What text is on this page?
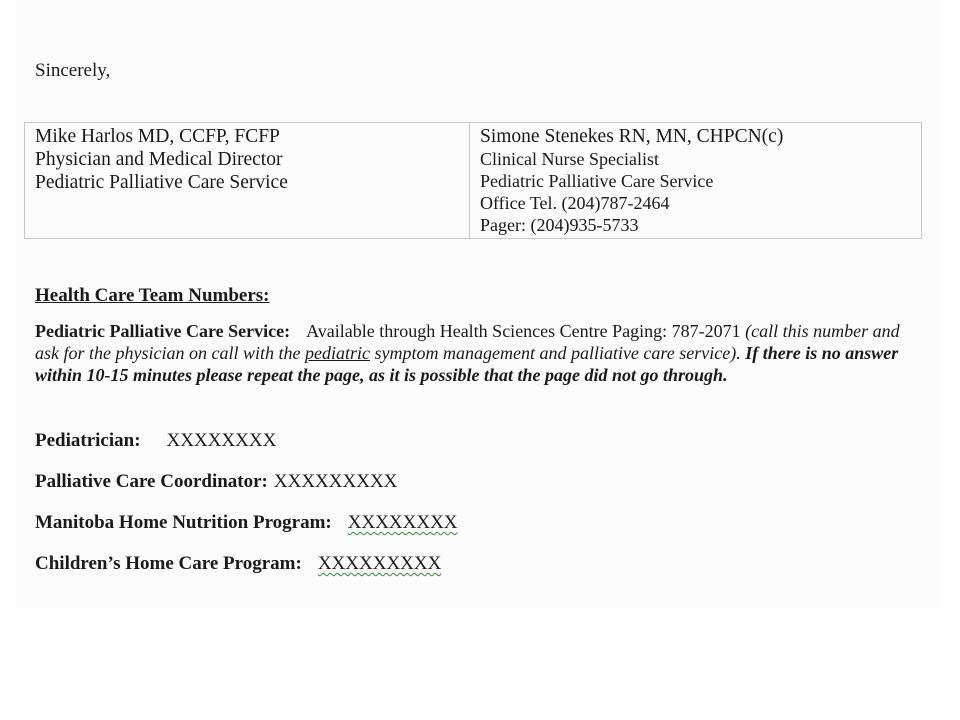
Sincerely,
Mike Harlos MD, CCFP, FCFP
Physician and Medical Director
Pediatric Palliative Care Service

Simone Stenekes RN, MN, CHPCN(c)
Clinical Nurse Specialist
Pediatric Palliative Care Service
Office Tel. (204)787-2464
Pager: (204)935-5733
Health Care Team Numbers:
Pediatric Palliative Care Service: Available through Health Sciences Centre Paging: 787-2071 (call this number and ask for the physician on call with the pediatric symptom management and palliative care service). If there is no answer within 10-15 minutes please repeat the page, as it is possible that the page did not go through.
Pediatrician: XXXXXXXX
Palliative Care Coordinator: XXXXXXXXX
Manitoba Home Nutrition Program: XXXXXXXX
Children’s Home Care Program: XXXXXXXXX
